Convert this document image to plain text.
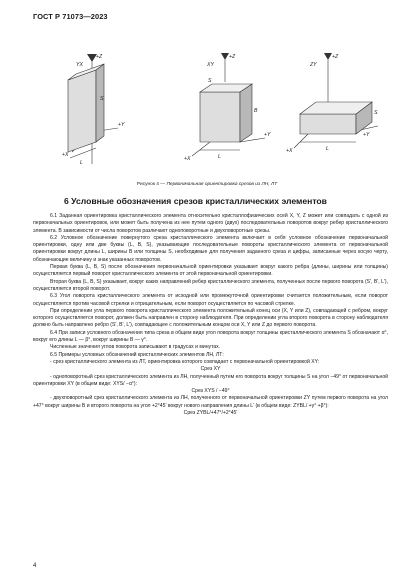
ГОСТ Р 71073—2023
YX
+Z
+Y
+X
L
S
XY
+Z
+Y
+X	L
S
B
ZY
+Z
+Y
+X	L
S
Рисунок 4 — Первоначальная ориентировка срезов из ЛН, ЛТ
6 Условные обозначения срезов кристаллических элементов

6.1 Заданная ориентировка кристаллического элемента относительно кристаллофизических осей X, Y, Z может или совпадать с одной из первоначальных ориентировок, или может быть получена из нее путем одного (двух) последовательных поворотов вокруг ребер кристаллического элемента. В зависимости от числа поворотов различают одноповоротные и двухповоротные срезы.

6.2 Условное обозначение повернутого среза кристаллического элемента включает в себя условное обозначение первоначальной ориентировки, одну или две буквы (L, B, S), указывающие последовательные повороты кристаллического элемента от первоначальной ориентировки вокруг длины L, ширины B или толщины S, необходимые для получения заданного среза и цифры, записанные через косую черту, обозначающие величину и знак указанных поворотов.

Первая буква (L, B, S) после обозначения первоначальной ориентировки указывает вокруг какого ребра (длины, ширины или толщины) осуществляется первый поворот кристаллического элемента от этой первоначальной ориентировки.

Вторая буква (L, B, S) указывает, вокруг каких направлений ребер кристаллического элемента, полученных после первого поворота (S', B', L'), осуществляется второй поворот.

6.3 Угол поворота кристаллического элемента от исходной или промежуточной ориентировки считается положительным, если поворот осуществляется против часовой стрелки и отрицательным, если поворот осуществляется по часовой стрелке.

При определении угла первого поворота кристаллического элемента положительный конец оси (X, Y или Z), совпадающей с ребром, вокруг которого осуществляется поворот, должен быть направлен в сторону наблюдателя. При определении угла второго поворота в сторону наблюдателя должно быть направлено ребро (S', B', L'), совпадающее с положительным концом оси X, Y или Z до первого поворота.

6.4 При записи условного обозначения типа среза в общем виде угол поворота вокруг толщины кристаллического элемента S обозначают α°, вокруг его длины L — β°, вокруг ширины B — γ°.

Численные значения углов поворота записывают в градусах и минутах.

6.5 Примеры условных обозначений кристаллических элементов ЛН, ЛТ:

- срез кристаллического элемента из ЛТ, ориентировка которого совпадает с первоначальной ориентировкой XY:

Срез XY

- одноповоротный срез кристаллического элемента из ЛН, полученный путем его поворота вокруг толщины S на угол −49° от первоначальной ориентировки XY (в общем виде: XYS/ −α°):

Срез XYS / −49°

- двухповоротный срез кристаллического элемента из ЛН, полученного от первоначальной ориентировки ZY путем первого поворота на угол +47° вокруг ширины B и второго поворота на угол +2°45' вокруг нового направления длины L' (в общем виде: ZYBL/ +γ° +β°):

Срез ZYBL/+47°/+2°45'

4
